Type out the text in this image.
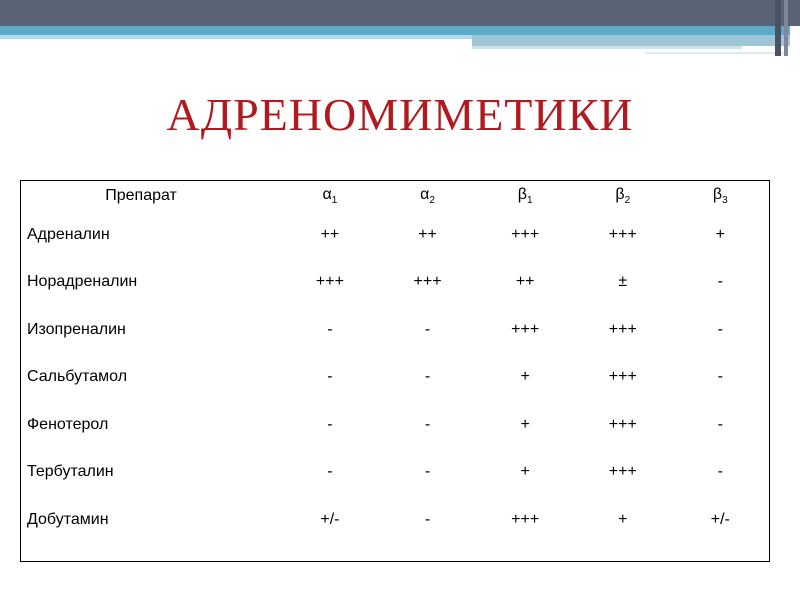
АДРЕНОМИМЕТИКИ
Препарат	$\alpha_1$	$\alpha_2$	$\beta_1$	$\beta_2$	$\beta_3$
Адреналин	++	++	+++	+++	+
Норадреналин	+++	+++	++	±	-
Изопреналин	-	-	+++	+++	-
Сальбутамол	-	-	+	+++	-
Фенотерол	-	-	+	+++	-
Тербуталин	-	-	+	+++	-
Добутамин	+/-	-	+++	+	+/-
